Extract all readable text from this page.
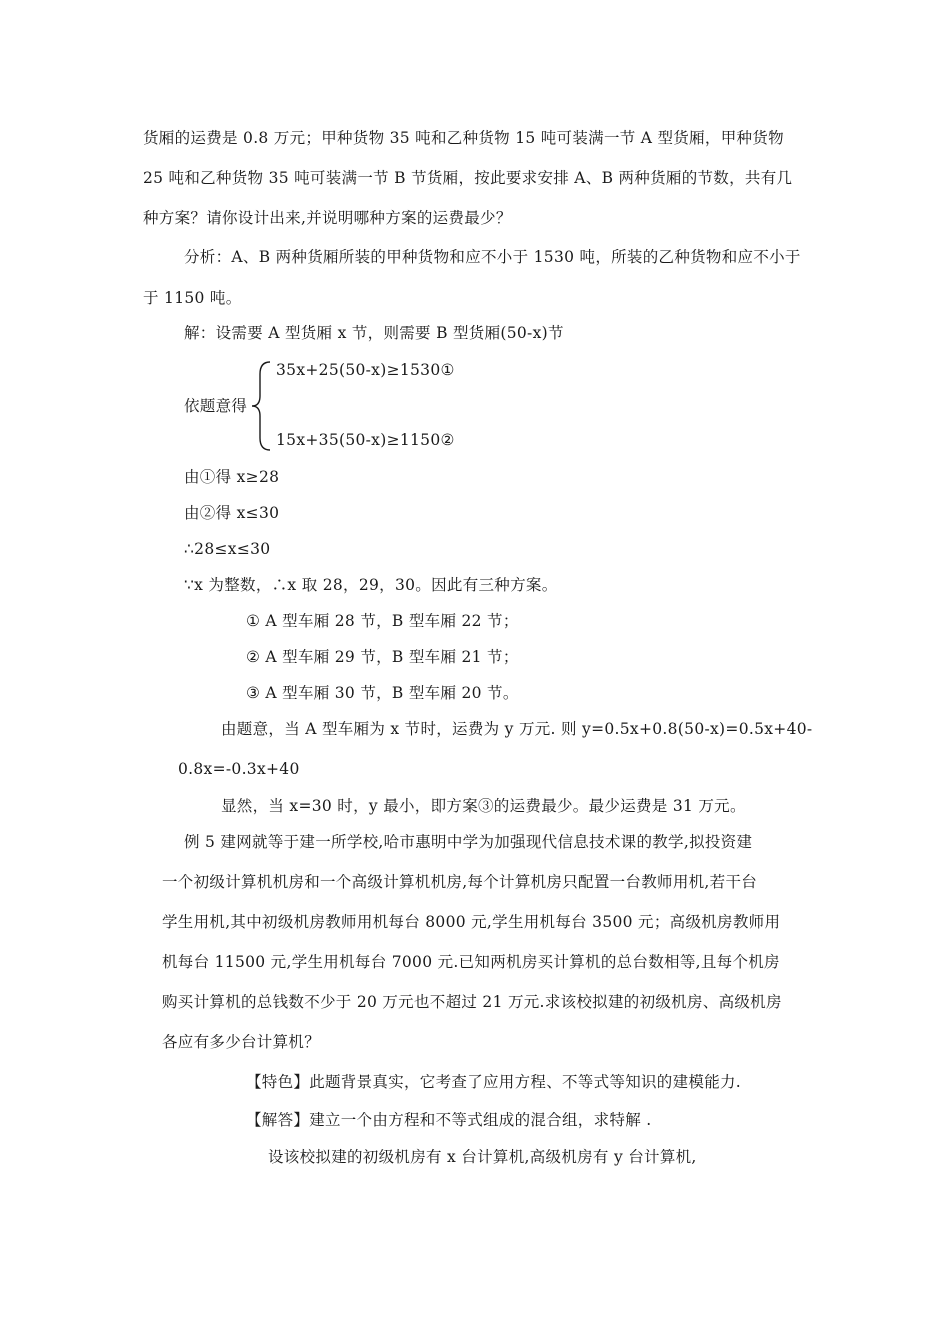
货厢的运费是 0.8 万元；甲种货物 35 吨和乙种货物 15 吨可装满一节 A 型货厢，甲种货物
25 吨和乙种货物 35 吨可装满一节 B 节货厢，按此要求安排 A、B 两种货厢的节数，共有几
种方案？请你设计出来,并说明哪种方案的运费最少？
分析：A、B 两种货厢所装的甲种货物和应不小于 1530 吨，所装的乙种货物和应不小于
于 1150 吨。
解：设需要 A 型货厢 x 节，则需要 B 型货厢(50-x)节
依题意得
35x+25(50-x)≥1530①
15x+35(50-x)≥1150②
由①得 x≥28
由②得 x≤30
∴28≤x≤30
∵x 为整数，∴x 取 28，29，30。因此有三种方案。
① A 型车厢 28 节，B 型车厢 22 节；
② A 型车厢 29 节，B 型车厢 21 节；
③ A 型车厢 30 节，B 型车厢 20 节。
由题意，当 A 型车厢为 x 节时，运费为 y 万元. 则 y=0.5x+0.8(50-x)=0.5x+40-
0.8x=-0.3x+40
显然，当 x=30 时，y 最小，即方案③的运费最少。最少运费是 31 万元。
例 5 建网就等于建一所学校,哈市惠明中学为加强现代信息技术课的教学,拟投资建
一个初级计算机机房和一个高级计算机机房,每个计算机房只配置一台教师用机,若干台
学生用机,其中初级机房教师用机每台 8000 元,学生用机每台 3500 元；高级机房教师用
机每台 11500 元,学生用机每台 7000 元.已知两机房买计算机的总台数相等,且每个机房
购买计算机的总钱数不少于 20 万元也不超过 21 万元.求该校拟建的初级机房、高级机房
各应有多少台计算机？
【特色】此题背景真实，它考查了应用方程、不等式等知识的建模能力.
【解答】建立一个由方程和不等式组成的混合组，求特解 .
设该校拟建的初级机房有 x 台计算机,高级机房有 y 台计算机,
